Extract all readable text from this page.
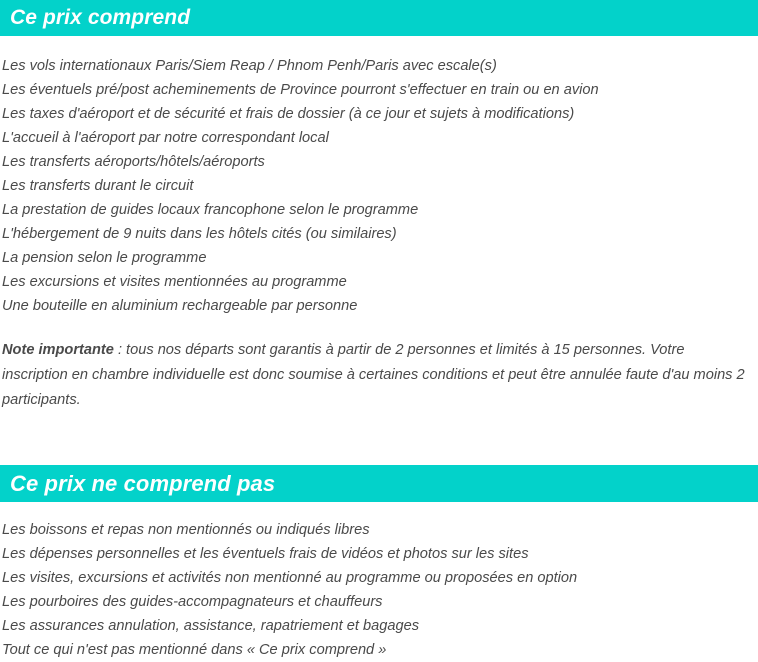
Ce prix comprend
Les vols internationaux Paris/Siem Reap / Phnom Penh/Paris avec escale(s)
Les éventuels pré/post acheminements de Province pourront s'effectuer en train ou en avion
Les taxes d'aéroport et de sécurité et frais de dossier (à ce jour et sujets à modifications)
L'accueil à l'aéroport par notre correspondant local
Les transferts aéroports/hôtels/aéroports
Les transferts durant le circuit
La prestation de guides locaux francophone selon le programme
L'hébergement de 9 nuits dans les hôtels cités (ou similaires)
La pension selon le programme
Les excursions et visites mentionnées au programme
Une bouteille en aluminium rechargeable par personne

Note importante : tous nos départs sont garantis à partir de 2 personnes et limités à 15 personnes. Votre inscription en chambre individuelle est donc soumise à certaines conditions et peut être annulée faute d'au moins 2 participants.

Ce prix ne comprend pas
Les boissons et repas non mentionnés ou indiqués libres
Les dépenses personnelles et les éventuels frais de vidéos et photos sur les sites
Les visites, excursions et activités non mentionné au programme ou proposées en option
Les pourboires des guides-accompagnateurs et chauffeurs
Les assurances annulation, assistance, rapatriement et bagages
Tout ce qui n'est pas mentionné dans « Ce prix comprend »
